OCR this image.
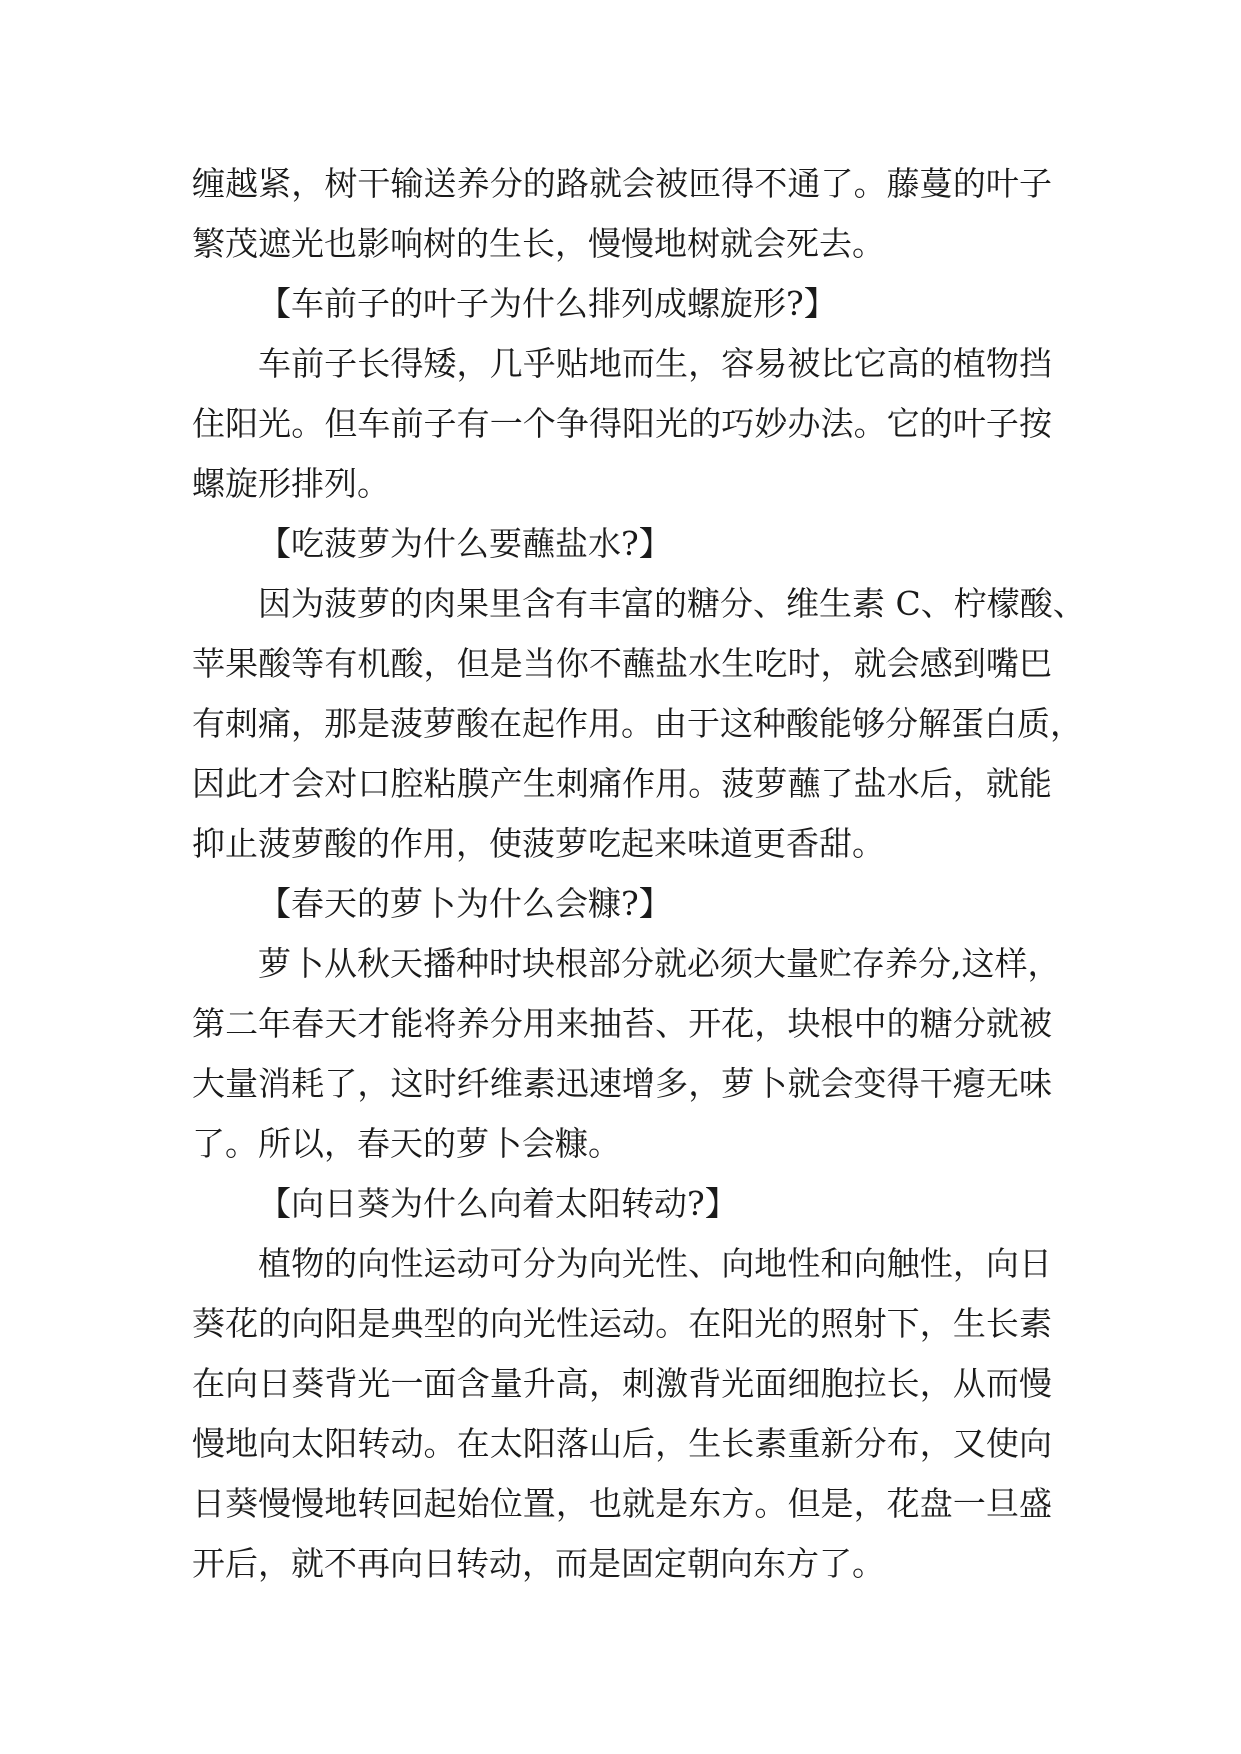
缠越紧，树干输送养分的路就会被匝得不通了。藤蔓的叶子
繁茂遮光也影响树的生长，慢慢地树就会死去。
【车前子的叶子为什么排列成螺旋形?】
车前子长得矮，几乎贴地而生，容易被比它高的植物挡
住阳光。但车前子有一个争得阳光的巧妙办法。它的叶子按
螺旋形排列。
【吃菠萝为什么要蘸盐水?】
因为菠萝的肉果里含有丰富的糖分、维生素 C、柠檬酸、
苹果酸等有机酸，但是当你不蘸盐水生吃时，就会感到嘴巴
有刺痛，那是菠萝酸在起作用。由于这种酸能够分解蛋白质，
因此才会对口腔粘膜产生刺痛作用。菠萝蘸了盐水后，就能
抑止菠萝酸的作用，使菠萝吃起来味道更香甜。
【春天的萝卜为什么会糠?】
萝卜从秋天播种时块根部分就必须大量贮存养分,这样，
第二年春天才能将养分用来抽苔、开花，块根中的糖分就被
大量消耗了，这时纤维素迅速增多，萝卜就会变得干瘪无味
了。所以，春天的萝卜会糠。
【向日葵为什么向着太阳转动?】
植物的向性运动可分为向光性、向地性和向触性，向日
葵花的向阳是典型的向光性运动。在阳光的照射下，生长素
在向日葵背光一面含量升高，刺激背光面细胞拉长，从而慢
慢地向太阳转动。在太阳落山后，生长素重新分布，又使向
日葵慢慢地转回起始位置，也就是东方。但是，花盘一旦盛
开后，就不再向日转动，而是固定朝向东方了。
